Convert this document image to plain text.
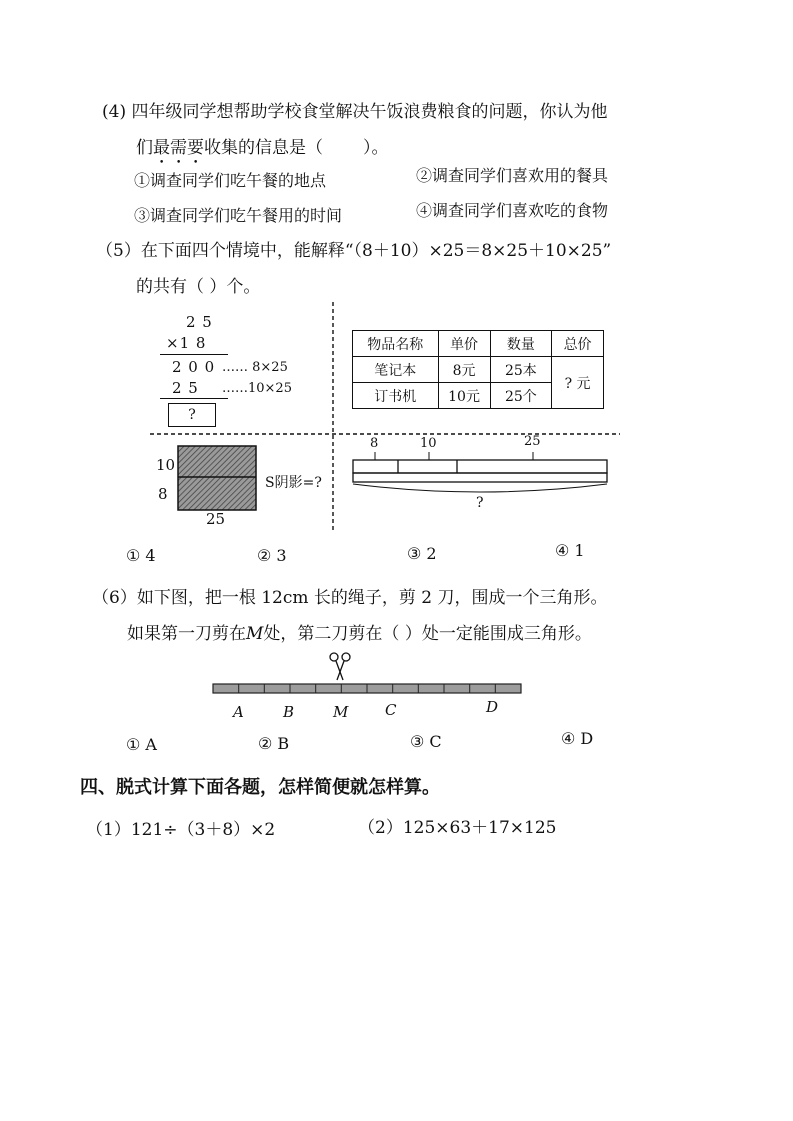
(4) 四年级同学想帮助学校食堂解决午饭浪费粮食的问题，你认为他
们最需要收集的信息是（ ）。
①调查同学们吃午餐的地点	②调查同学们喜欢用的餐具
③调查同学们吃午餐用的时间	④调查同学们喜欢吃的食物
（5）在下面四个情境中，能解释“（8＋10）×25＝8×25＋10×25”
的共有（ ）个。
2 5
×1 8
2 0 0 …… 8×25
2 5 ……10×25
?
物品名称	单价	数量	总价
笔记本	8元	25本	? 元
订书机	10元	25个	
10
8
25
S阴影=?
8	10	25
?
① 4	② 3	③ 2	④ 1
（6）如下图，把一根 12cm 长的绳子，剪 2 刀，围成一个三角形。
如果第一刀剪在M处，第二刀剪在（ ）处一定能围成三角形。
A	B	M C	D
① A	② B	③ C	④ D
四、脱式计算下面各题，怎样简便就怎样算。
（1）121÷（3＋8）×2	（2）125×63＋17×125
